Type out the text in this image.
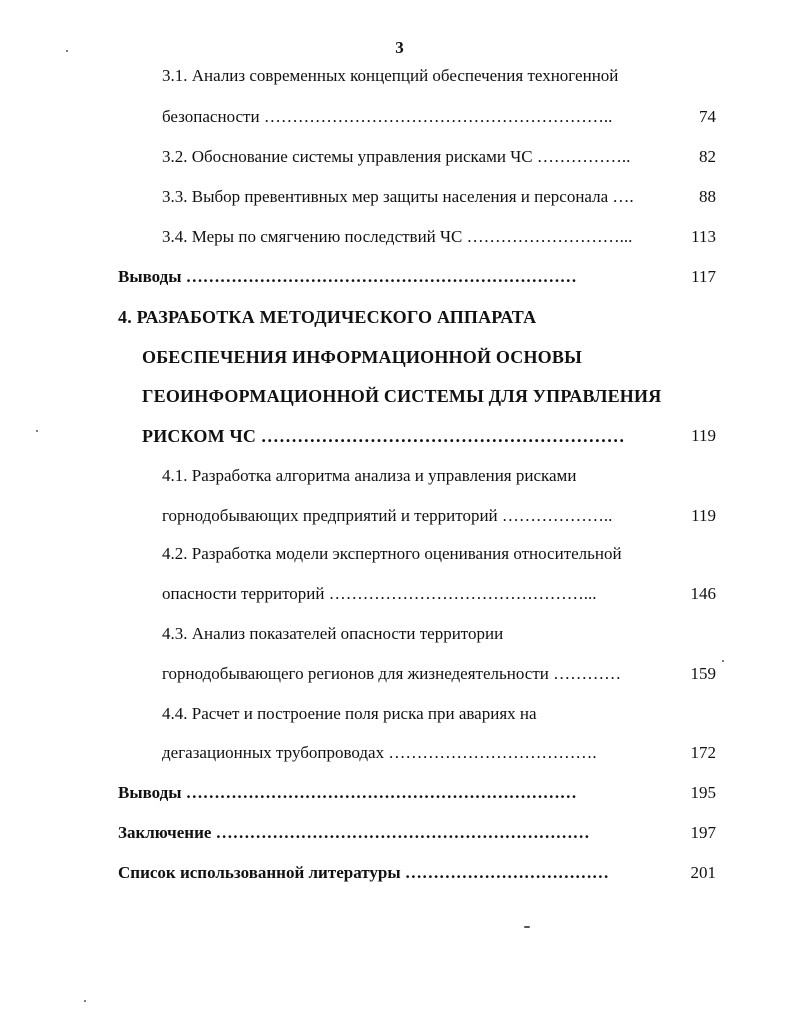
3
3.1. Анализ современных концепций обеспечения техногенной
безопасности ……………………………………………………..	74
3.2. Обоснование системы управления рисками ЧС ……………..	82
3.3. Выбор превентивных мер защиты населения и персонала ….	88
3.4. Меры по смягчению последствий ЧС ………………………...	113
Выводы ……………………………………………………………	117
4. РАЗРАБОТКА МЕТОДИЧЕСКОГО АППАРАТА
ОБЕСПЕЧЕНИЯ ИНФОРМАЦИОННОЙ ОСНОВЫ
ГЕОИНФОРМАЦИОННОЙ СИСТЕМЫ ДЛЯ УПРАВЛЕНИЯ
РИСКОМ ЧС ……………………………………………………	119
4.1. Разработка алгоритма анализа и управления рисками
горнодобывающих предприятий и территорий ………………..	119
4.2. Разработка модели экспертного оценивания относительной
опасности территорий ………………………………………...	146
4.3. Анализ показателей опасности территории
горнодобывающего регионов для жизнедеятельности …………	159
4.4. Расчет и построение поля риска при авариях на
дегазационных трубопроводах ……………………………….	172
Выводы ……………………………………………………………	195
Заключение …………………………………………………………	197
Список использованной литературы ………………………………	201
